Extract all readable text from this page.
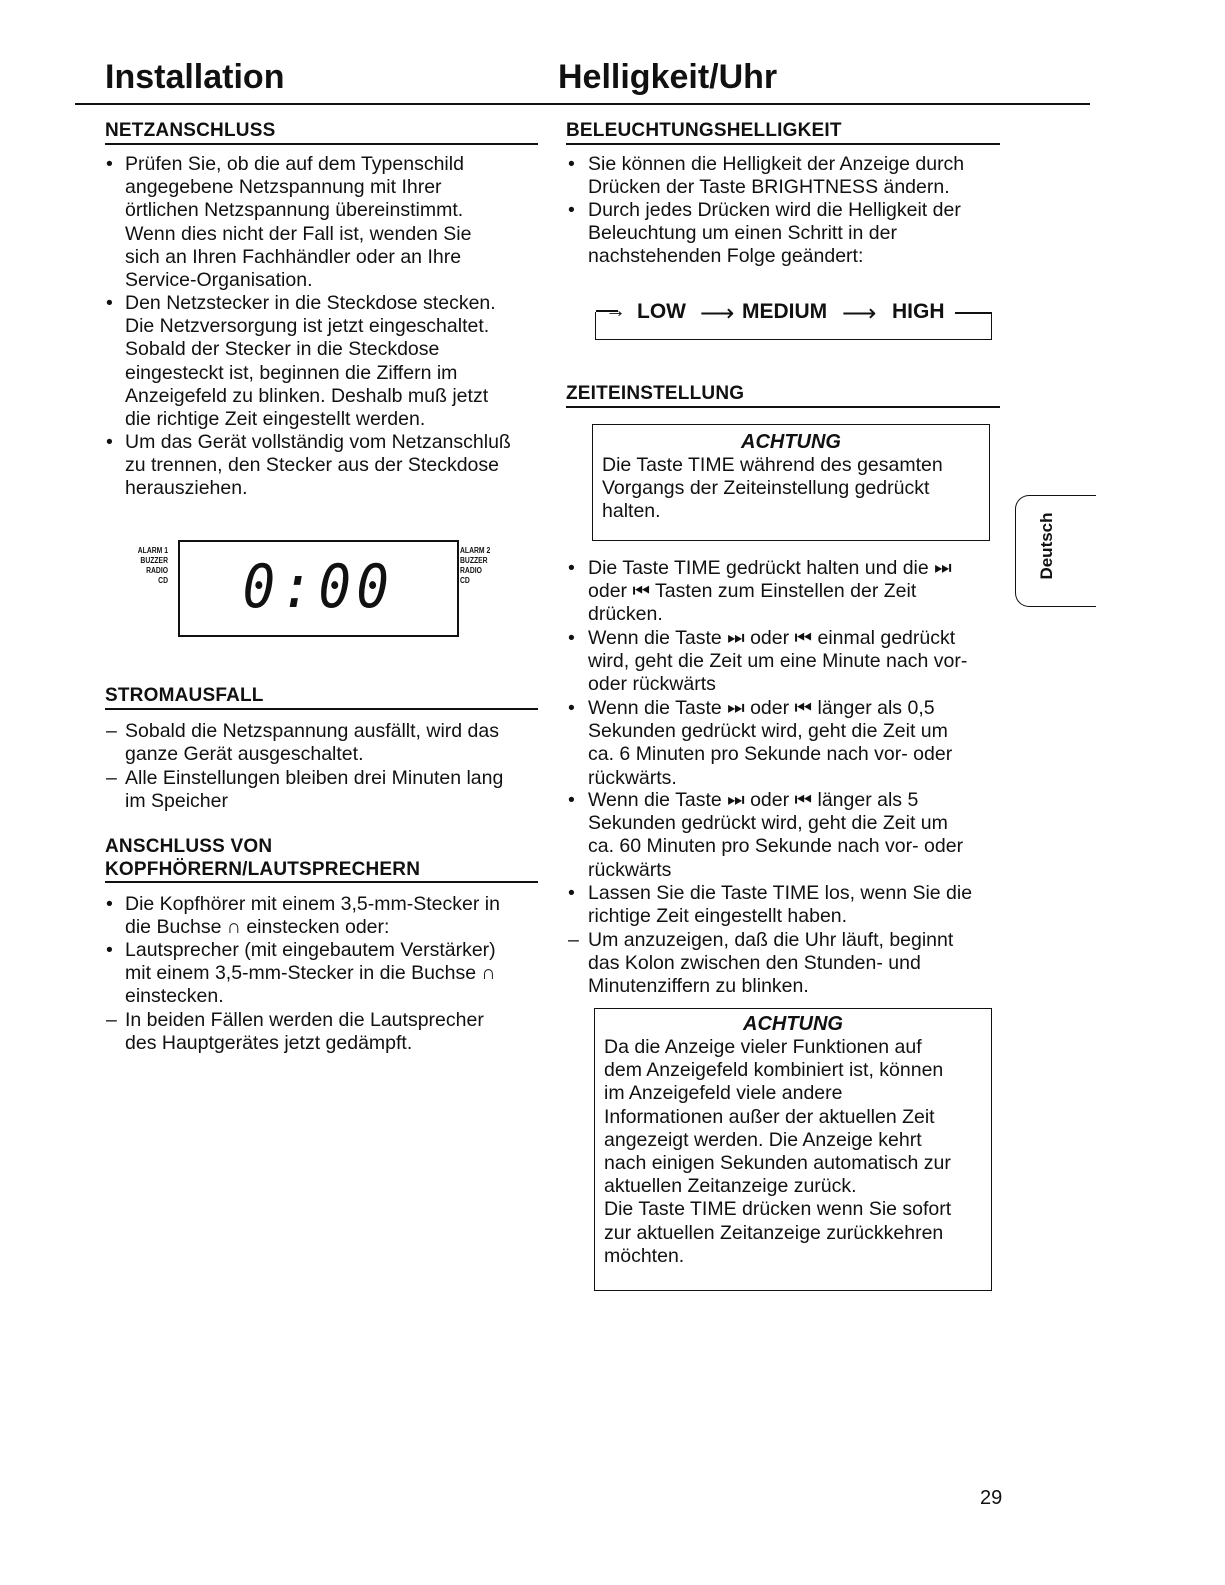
Installation	Helligkeit/Uhr
NETZANSCHLUSS
• Prüfen Sie, ob die auf dem Typenschild
angegebene Netzspannung mit Ihrer
örtlichen Netzspannung übereinstimmt.
Wenn dies nicht der Fall ist, wenden Sie
sich an Ihren Fachhändler oder an Ihre
Service-Organisation.
• Den Netzstecker in die Steckdose stecken.
Die Netzversorgung ist jetzt eingeschaltet.
Sobald der Stecker in die Steckdose
eingesteckt ist, beginnen die Ziffern im
Anzeigefeld zu blinken. Deshalb muß jetzt
die richtige Zeit eingestellt werden.
• Um das Gerät vollständig vom Netzanschluß
zu trennen, den Stecker aus der Steckdose
herausziehen.
ALARM 1
BUZZER
RADIO
CD	0:00
ALARM 2
BUZZER
RADIO
CD
STROMAUSFALL
– Sobald die Netzspannung ausfällt, wird das
ganze Gerät ausgeschaltet.
– Alle Einstellungen bleiben drei Minuten lang
im Speicher
ANSCHLUSS VON
KOPFHÖRERN/LAUTSPRECHERN
• Die Kopfhörer mit einem 3,5-mm-Stecker in
die Buchse ∩ einstecken oder:
• Lautsprecher (mit eingebautem Verstärker)
mit einem 3,5-mm-Stecker in die Buchse ∩
einstecken.
– In beiden Fällen werden die Lautsprecher
des Hauptgerätes jetzt gedämpft.
BELEUCHTUNGSHELLIGKEIT
• Sie können die Helligkeit der Anzeige durch
Drücken der Taste BRIGHTNESS ändern.
• Durch jedes Drücken wird die Helligkeit der
Beleuchtung um einen Schritt in der
nachstehenden Folge geändert:
→ LOW ⟶ MEDIUM ⟶ HIGH
ZEITEINSTELLUNG
ACHTUNG
Die Taste TIME während des gesamten
Vorgangs der Zeiteinstellung gedrückt
halten.
• Die Taste TIME gedrückt halten und die ⏭
oder ⏮ Tasten zum Einstellen der Zeit
drücken.
• Wenn die Taste ⏭ oder ⏮ einmal gedrückt
wird, geht die Zeit um eine Minute nach vor-
oder rückwärts
• Wenn die Taste ⏭ oder ⏮ länger als 0,5
Sekunden gedrückt wird, geht die Zeit um
ca. 6 Minuten pro Sekunde nach vor- oder
rückwärts.
• Wenn die Taste ⏭ oder ⏮ länger als 5
Sekunden gedrückt wird, geht die Zeit um
ca. 60 Minuten pro Sekunde nach vor- oder
rückwärts
• Lassen Sie die Taste TIME los, wenn Sie die
richtige Zeit eingestellt haben.
– Um anzuzeigen, daß die Uhr läuft, beginnt
das Kolon zwischen den Stunden- und
Minutenziffern zu blinken.
ACHTUNG
Da die Anzeige vieler Funktionen auf
dem Anzeigefeld kombiniert ist, können
im Anzeigefeld viele andere
Informationen außer der aktuellen Zeit
angezeigt werden. Die Anzeige kehrt
nach einigen Sekunden automatisch zur
aktuellen Zeitanzeige zurück.
Die Taste TIME drücken wenn Sie sofort
zur aktuellen Zeitanzeige zurückkehren
möchten.
Deutsch
29
